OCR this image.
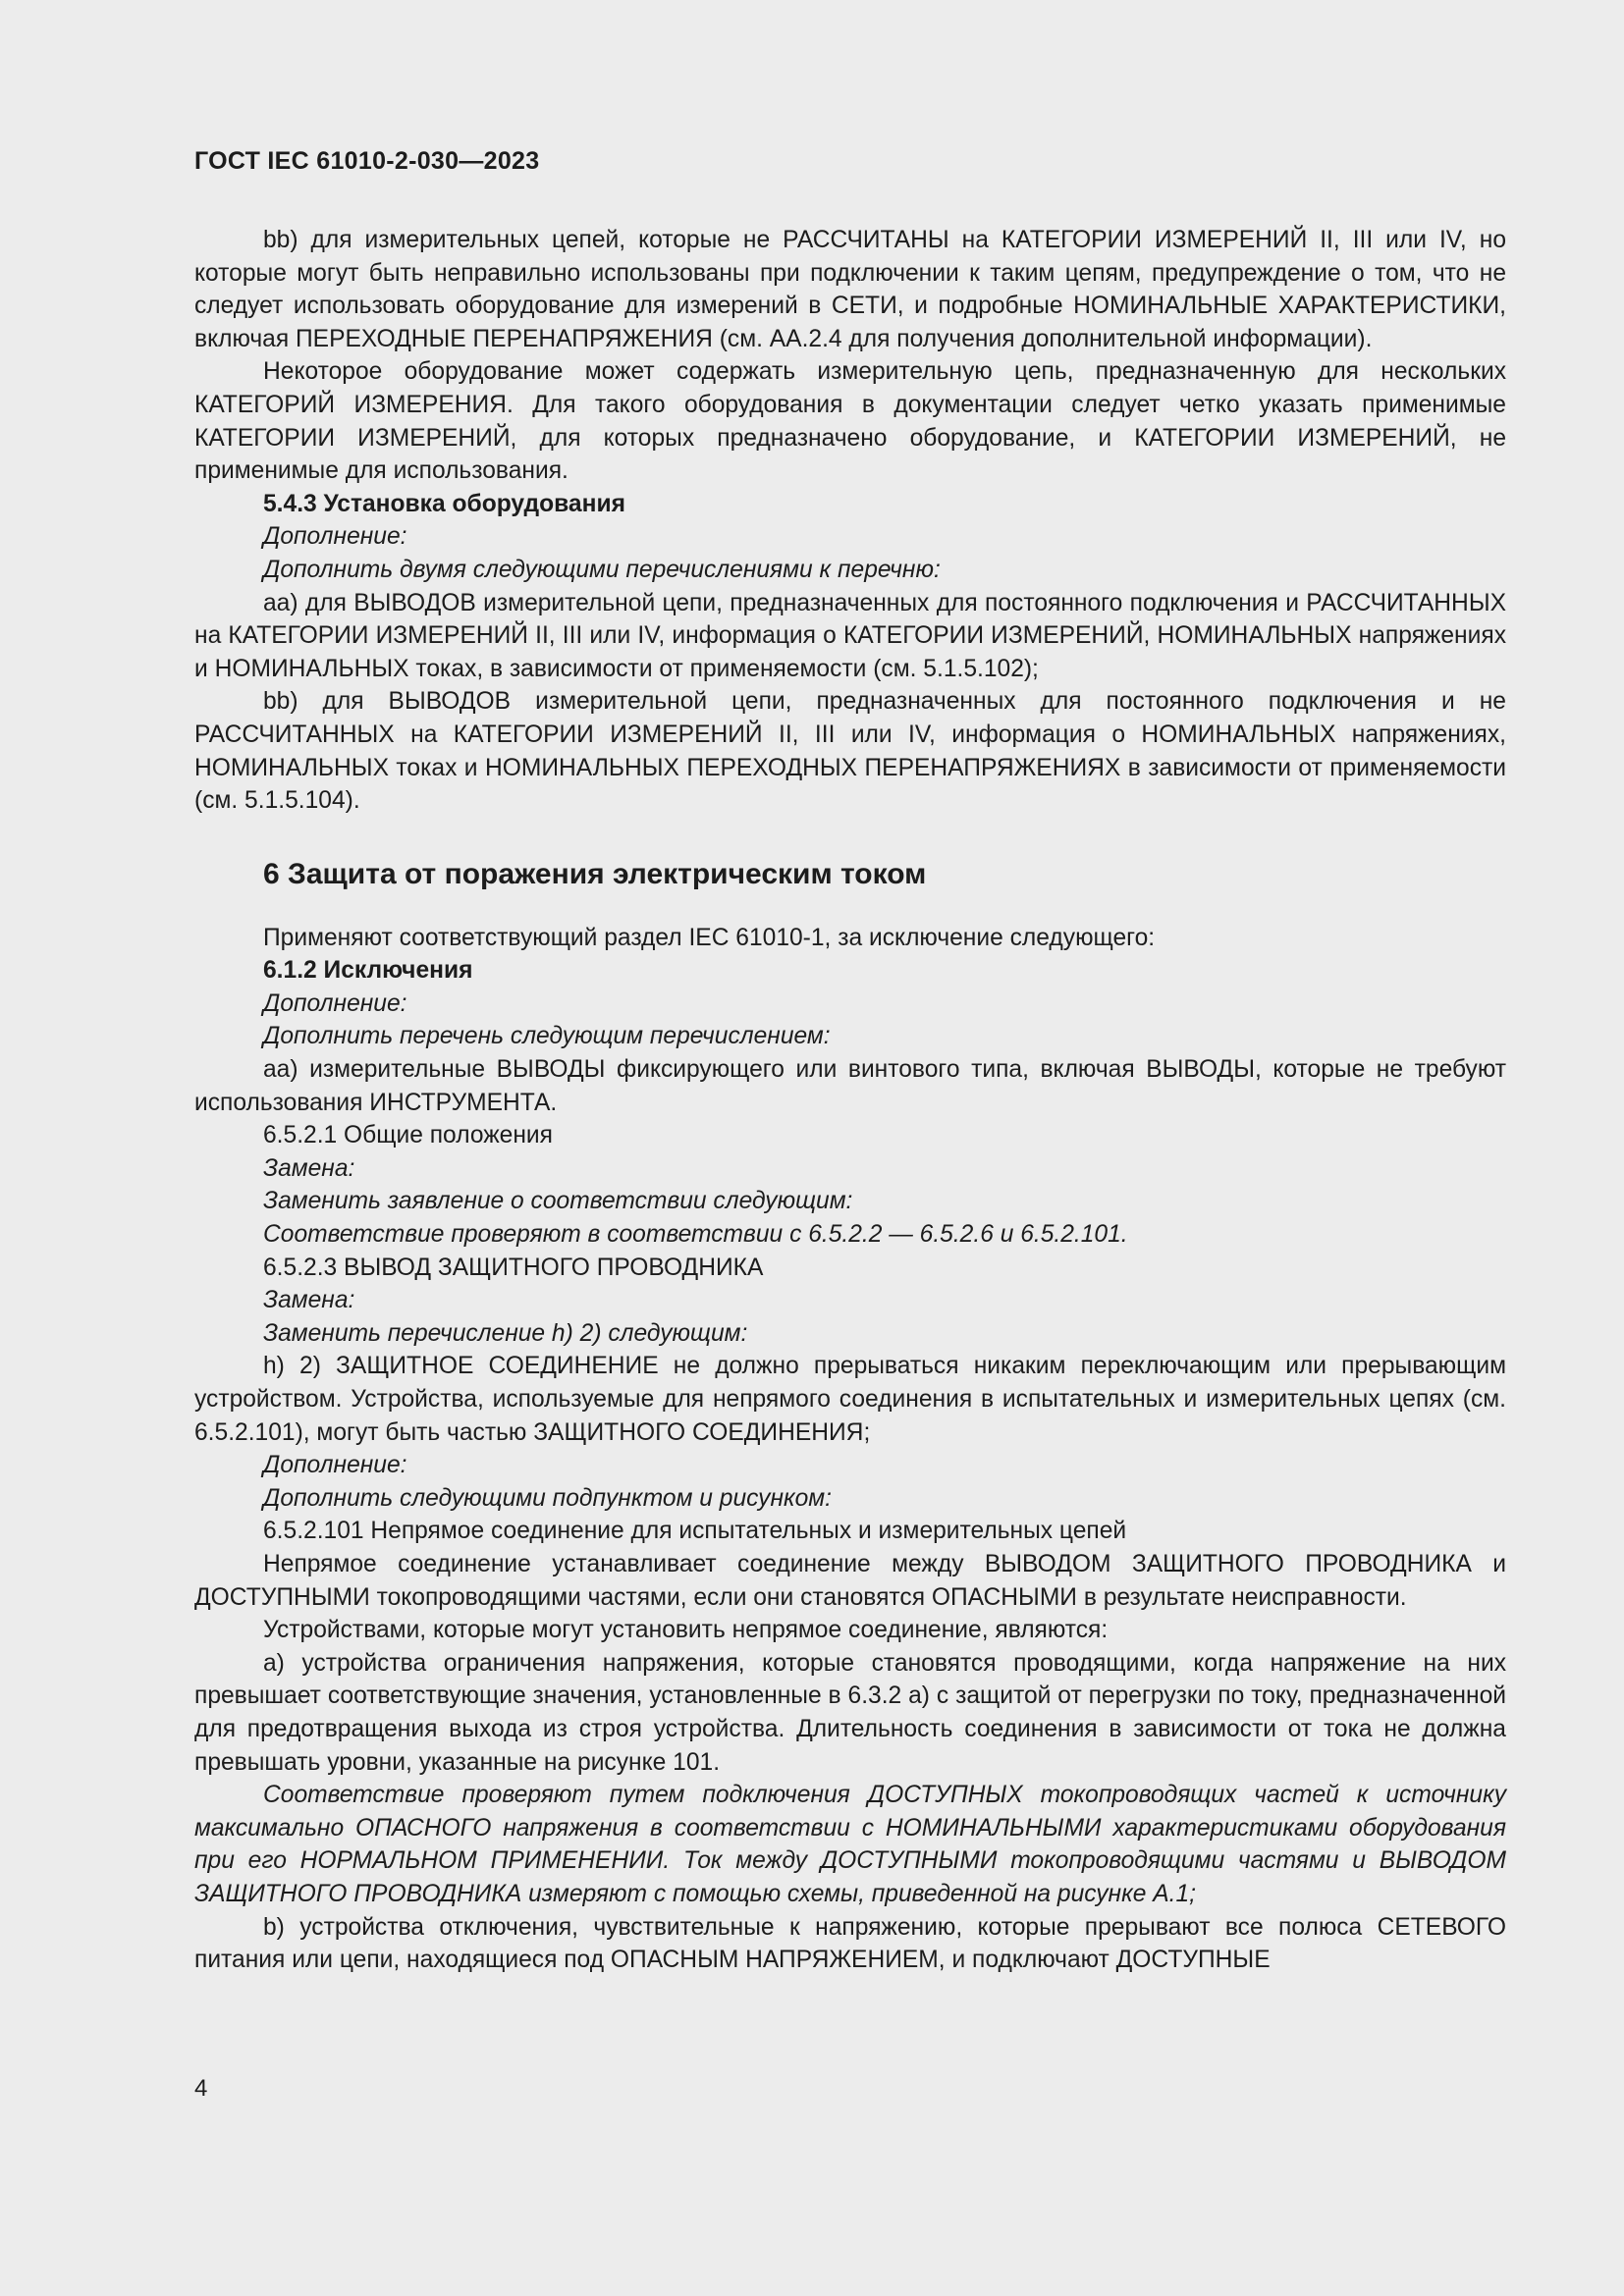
ГОСТ IEC 61010-2-030—2023

bb) для измерительных цепей, которые не РАССЧИТАНЫ на КАТЕГОРИИ ИЗМЕРЕНИЙ II, III или IV, но которые могут быть неправильно использованы при подключении к таким цепям, предупреждение о том, что не следует использовать оборудование для измерений в СЕТИ, и подробные НОМИНАЛЬНЫЕ ХАРАКТЕРИСТИКИ, включая ПЕРЕХОДНЫЕ ПЕРЕНАПРЯЖЕНИЯ (см. АА.2.4 для получения дополнительной информации).

Некоторое оборудование может содержать измерительную цепь, предназначенную для нескольких КАТЕГОРИЙ ИЗМЕРЕНИЯ. Для такого оборудования в документации следует четко указать применимые КАТЕГОРИИ ИЗМЕРЕНИЙ, для которых предназначено оборудование, и КАТЕГОРИИ ИЗМЕРЕНИЙ, не применимые для использования.

5.4.3 Установка оборудования

Дополнение:

Дополнить двумя следующими перечислениями к перечню:

аа) для ВЫВОДОВ измерительной цепи, предназначенных для постоянного подключения и РАССЧИТАННЫХ на КАТЕГОРИИ ИЗМЕРЕНИЙ II, III или IV, информация о КАТЕГОРИИ ИЗМЕРЕНИЙ, НОМИНАЛЬНЫХ напряжениях и НОМИНАЛЬНЫХ токах, в зависимости от применяемости (см. 5.1.5.102);

bb) для ВЫВОДОВ измерительной цепи, предназначенных для постоянного подключения и не РАССЧИТАННЫХ на КАТЕГОРИИ ИЗМЕРЕНИЙ II, III или IV, информация о НОМИНАЛЬНЫХ напряжениях, НОМИНАЛЬНЫХ токах и НОМИНАЛЬНЫХ ПЕРЕХОДНЫХ ПЕРЕНАПРЯЖЕНИЯХ в зависимости от применяемости (см. 5.1.5.104).

6 Защита от поражения электрическим током

Применяют соответствующий раздел IEC 61010-1, за исключение следующего:

6.1.2 Исключения

Дополнение:

Дополнить перечень следующим перечислением:

аа) измерительные ВЫВОДЫ фиксирующего или винтового типа, включая ВЫВОДЫ, которые не требуют использования ИНСТРУМЕНТА.

6.5.2.1 Общие положения

Замена:

Заменить заявление о соответствии следующим:

Соответствие проверяют в соответствии с 6.5.2.2 — 6.5.2.6 и 6.5.2.101.

6.5.2.3 ВЫВОД ЗАЩИТНОГО ПРОВОДНИКА

Замена:

Заменить перечисление h) 2) следующим:

h) 2) ЗАЩИТНОЕ СОЕДИНЕНИЕ не должно прерываться никаким переключающим или прерывающим устройством. Устройства, используемые для непрямого соединения в испытательных и измерительных цепях (см. 6.5.2.101), могут быть частью ЗАЩИТНОГО СОЕДИНЕНИЯ;

Дополнение:

Дополнить следующими подпунктом и рисунком:

6.5.2.101 Непрямое соединение для испытательных и измерительных цепей

Непрямое соединение устанавливает соединение между ВЫВОДОМ ЗАЩИТНОГО ПРОВОДНИКА и ДОСТУПНЫМИ токопроводящими частями, если они становятся ОПАСНЫМИ в результате неисправности.

Устройствами, которые могут установить непрямое соединение, являются:

а) устройства ограничения напряжения, которые становятся проводящими, когда напряжение на них превышает соответствующие значения, установленные в 6.3.2 а) с защитой от перегрузки по току, предназначенной для предотвращения выхода из строя устройства. Длительность соединения в зависимости от тока не должна превышать уровни, указанные на рисунке 101.

Соответствие проверяют путем подключения ДОСТУПНЫХ токопроводящих частей к источнику максимально ОПАСНОГО напряжения в соответствии с НОМИНАЛЬНЫМИ характеристиками оборудования при его НОРМАЛЬНОМ ПРИМЕНЕНИИ. Ток между ДОСТУПНЫМИ токопроводящими частями и ВЫВОДОМ ЗАЩИТНОГО ПРОВОДНИКА измеряют с помощью схемы, приведенной на рисунке А.1;

b) устройства отключения, чувствительные к напряжению, которые прерывают все полюса СЕТЕВОГО питания или цепи, находящиеся под ОПАСНЫМ НАПРЯЖЕНИЕМ, и подключают ДОСТУПНЫЕ

4
